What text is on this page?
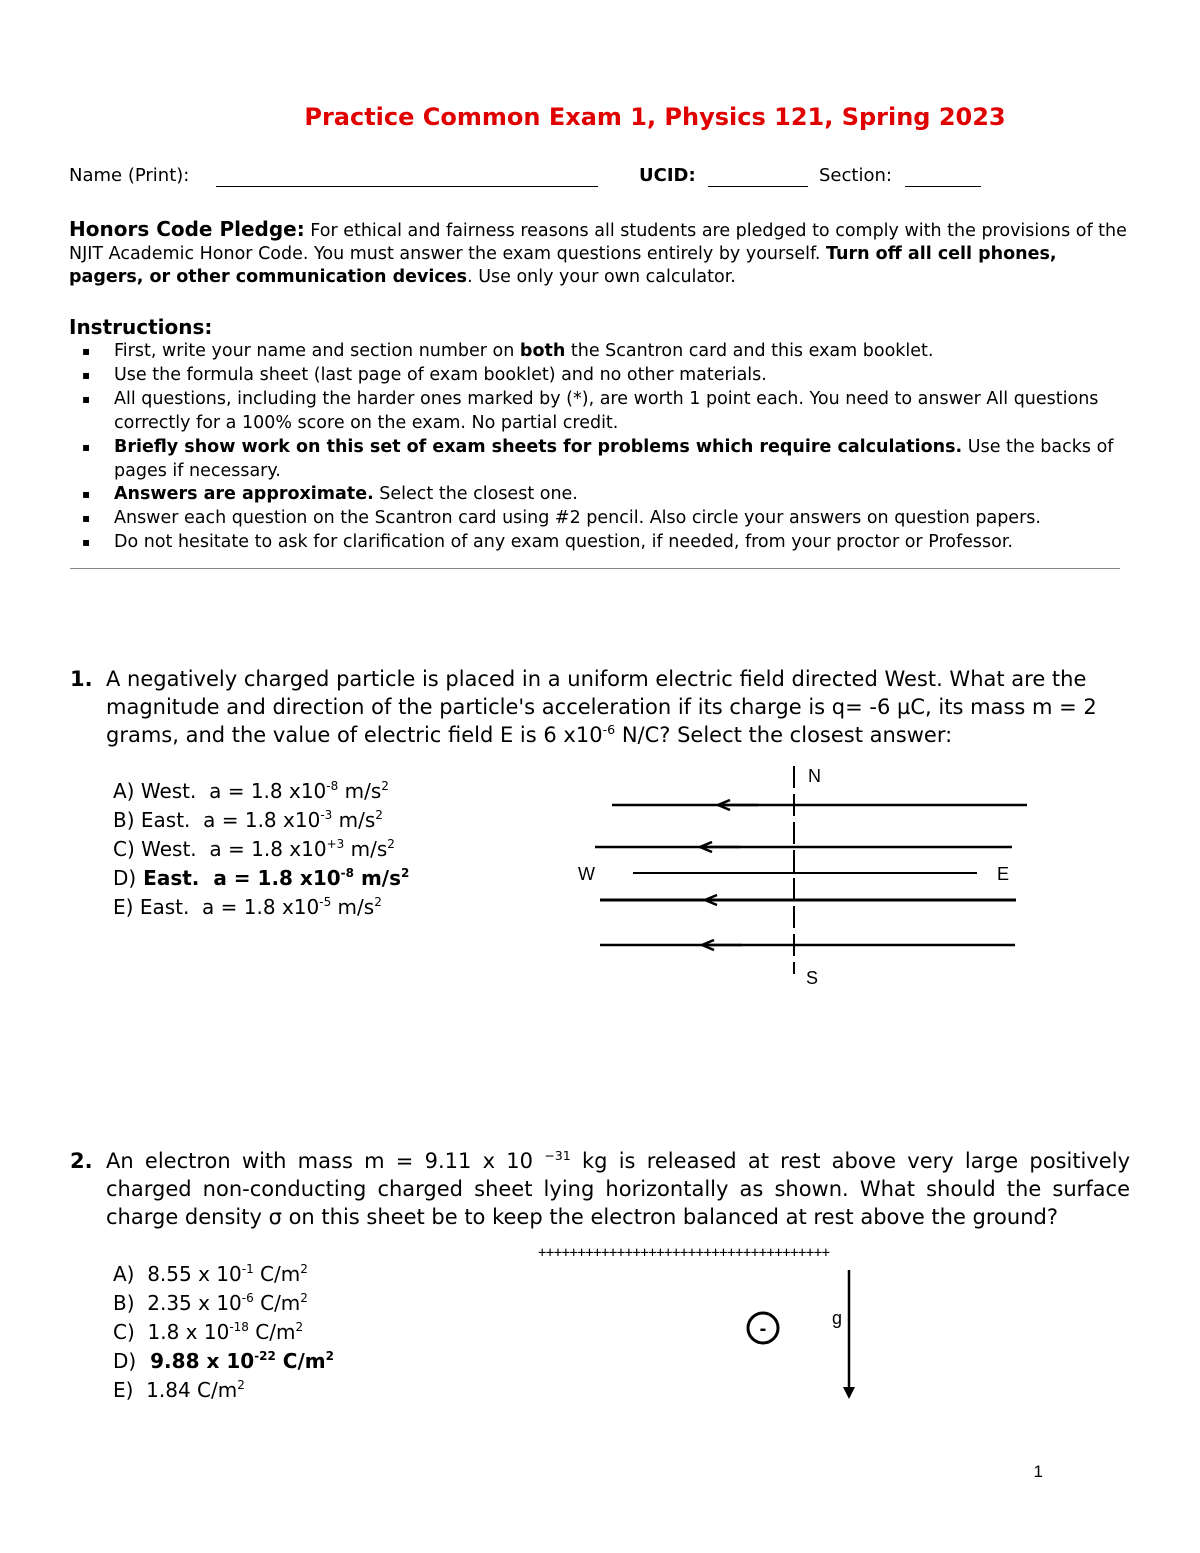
Practice Common Exam 1, Physics 121, Spring 2023
Name (Print):	UCID:	Section:
Honors Code Pledge: For ethical and fairness reasons all students are pledged to comply with the provisions of the NJIT Academic Honor Code. You must answer the exam questions entirely by yourself. Turn off all cell phones, pagers, or other communication devices. Use only your own calculator.
Instructions:
▪ First, write your name and section number on both the Scantron card and this exam booklet.
▪ Use the formula sheet (last page of exam booklet) and no other materials.
▪ All questions, including the harder ones marked by (*), are worth 1 point each. You need to answer All questions correctly for a 100% score on the exam. No partial credit.
▪ Briefly show work on this set of exam sheets for problems which require calculations. Use the backs of pages if necessary.
▪ Answers are approximate. Select the closest one.
▪ Answer each question on the Scantron card using #2 pencil. Also circle your answers on question papers.
▪ Do not hesitate to ask for clarification of any exam question, if needed, from your proctor or Professor.
1. A negatively charged particle is placed in a uniform electric field directed West. What are the magnitude and direction of the particle's acceleration if its charge is q= -6 µC, its mass m = 2 grams, and the value of electric field E is 6 $x10^{-6}$ N/C? Select the closest answer:
A) West. a = 1.8 $x10^{-8}$ $m/s^2$
B) East. a = 1.8 $x10^{-3}$ $m/s^2$
C) West. a = 1.8 $x10^{+3}$ $m/s^2$
D) East. a = 1.8 $x10^{-8}$ $m/s^2$
E) East. a = 1.8 $x10^{-5}$ $m/s^2$
N
S
W	E
2. An electron with mass m = 9.11 x 10 $^{-31}$ kg is released at rest above very large positively charged non-conducting charged sheet lying horizontally as shown. What should the surface charge density σ on this sheet be to keep the electron balanced at rest above the ground?
A) 8.55 x $10^{-1}$ $C/m^2$
B) 2.35 x $10^{-6}$ $C/m^2$
C) 1.8 x $10^{-18}$ $C/m^2$
D) 9.88 x $10^{-22}$ $C/m^2$
E) 1.84 $C/m^2$
+++++++++++++++++++++++++++++++++++++
-	g
1
